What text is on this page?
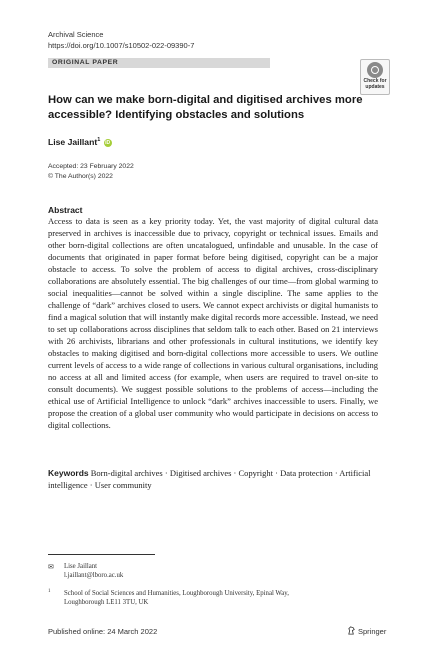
Archival Science
https://doi.org/10.1007/s10502-022-09390-7
ORIGINAL PAPER
Check for
updates
How can we make born-digital and digitised archives more accessible? Identifying obstacles and solutions
Lise Jaillant$^1$ iD
Accepted: 23 February 2022
© The Author(s) 2022
Abstract
Access to data is seen as a key priority today. Yet, the vast majority of digital cultural data preserved in archives is inaccessible due to privacy, copyright or technical issues. Emails and other born-digital collections are often uncatalogued, unfindable and unusable. In the case of documents that originated in paper format before being digitised, copyright can be a major obstacle to access. To solve the problem of access to digital archives, cross-disciplinary collaborations are absolutely essential. The big challenges of our time—from global warming to social inequalities—cannot be solved within a single discipline. The same applies to the challenge of “dark” archives closed to users. We cannot expect archivists or digital humanists to find a magical solution that will instantly make digital records more accessible. Instead, we need to set up collaborations across disciplines that seldom talk to each other. Based on 21 interviews with 26 archivists, librarians and other professionals in cultural institutions, we identify key obstacles to making digitised and born-digital collections more accessible to users. We outline current levels of access to a wide range of collections in various cultural organisations, including no access at all and limited access (for example, when users are required to travel on-site to consult documents). We suggest possible solutions to the problems of access—including the ethical use of Artificial Intelligence to unlock “dark” archives inaccessible to users. Finally, we propose the creation of a global user community who would participate in decisions on access to digital collections.
Keywords Born-digital archives · Digitised archives · Copyright · Data protection · Artificial intelligence · User community
✉ Lise Jaillant
l.jaillant@lboro.ac.uk
1 School of Social Sciences and Humanities, Loughborough University, Epinal Way,
Loughborough LE11 3TU, UK
Published online: 24 March 2022	Springer
